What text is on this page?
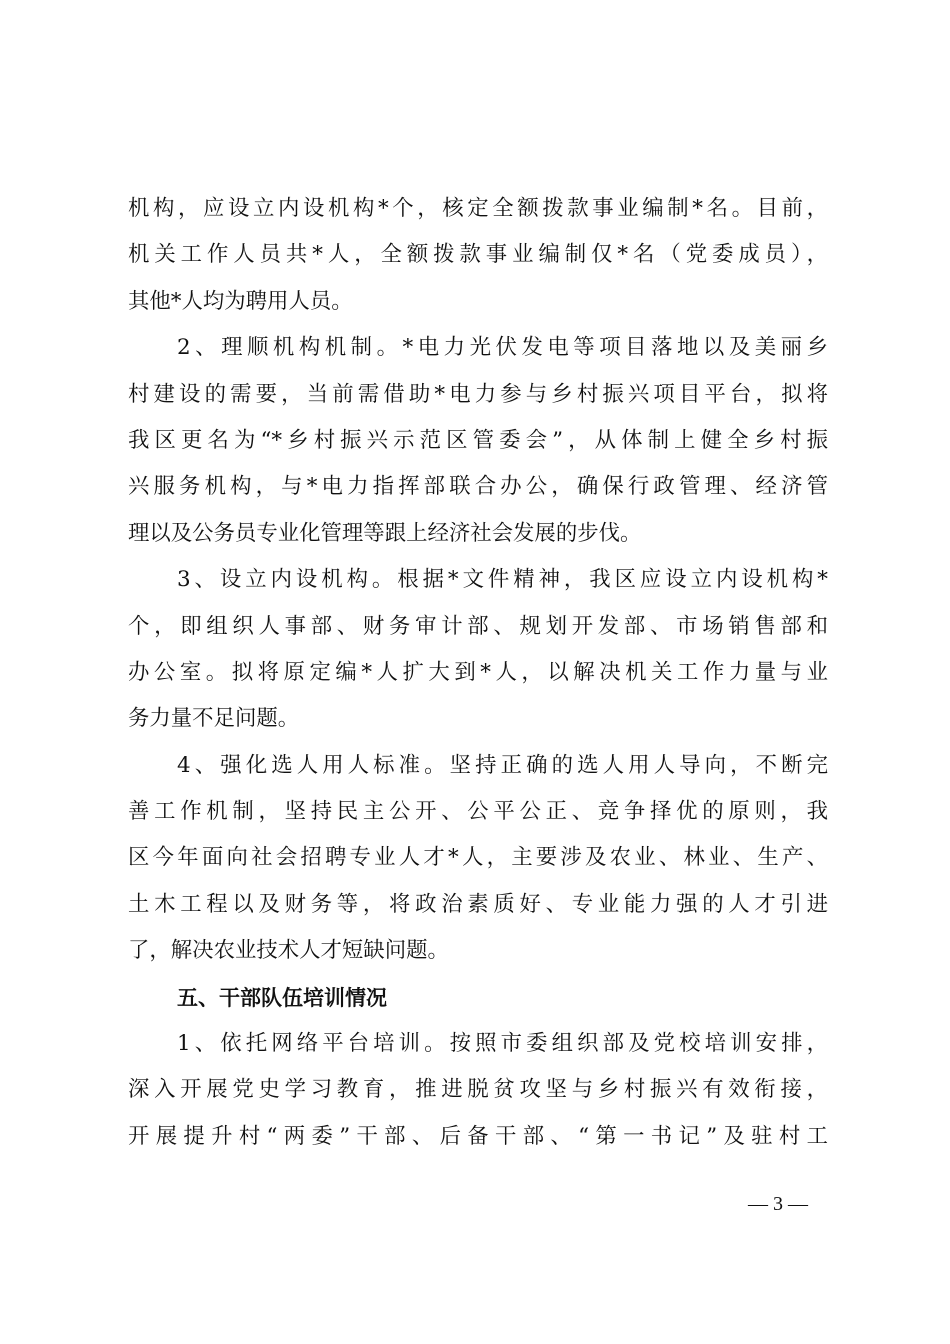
机构，应设立内设机构*个，核定全额拨款事业编制*名。目前，
机关工作人员共*人，全额拨款事业编制仅*名（党委成员），
其他*人均为聘用人员。
2、理顺机构机制。*电力光伏发电等项目落地以及美丽乡
村建设的需要，当前需借助*电力参与乡村振兴项目平台，拟将
我区更名为“*乡村振兴示范区管委会”，从体制上健全乡村振
兴服务机构，与*电力指挥部联合办公，确保行政管理、经济管
理以及公务员专业化管理等跟上经济社会发展的步伐。
3、设立内设机构。根据*文件精神，我区应设立内设机构*
个，即组织人事部、财务审计部、规划开发部、市场销售部和
办公室。拟将原定编*人扩大到*人，以解决机关工作力量与业
务力量不足问题。
4、强化选人用人标准。坚持正确的选人用人导向，不断完
善工作机制，坚持民主公开、公平公正、竞争择优的原则，我
区今年面向社会招聘专业人才*人，主要涉及农业、林业、生产、
土木工程以及财务等，将政治素质好、专业能力强的人才引进
了，解决农业技术人才短缺问题。
五、干部队伍培训情况
1、依托网络平台培训。按照市委组织部及党校培训安排，
深入开展党史学习教育，推进脱贫攻坚与乡村振兴有效衔接，
开展提升村“两委”干部、后备干部、“第一书记”及驻村工
— 3 —
